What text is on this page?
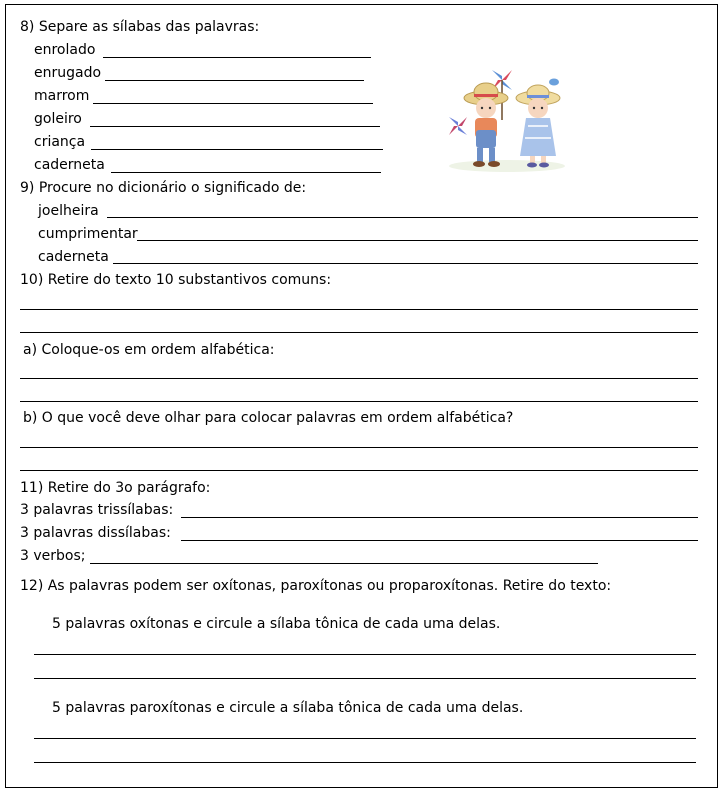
8) Separe as sílabas das palavras:
enrolado
enrugado
marrom
goleiro
criança
caderneta
9) Procure no dicionário o significado de:
joelheira
cumprimentar
caderneta
10) Retire do texto 10 substantivos comuns:
a) Coloque-os em ordem alfabética:
b) O que você deve olhar para colocar palavras em ordem alfabética?
11) Retire do 3o parágrafo:
3 palavras trissílabas:
3 palavras dissílabas:
3 verbos;
12) As palavras podem ser oxítonas, paroxítonas ou proparoxítonas. Retire do texto:
5 palavras oxítonas e circule a sílaba tônica de cada uma delas.
5 palavras paroxítonas e circule a sílaba tônica de cada uma delas.
